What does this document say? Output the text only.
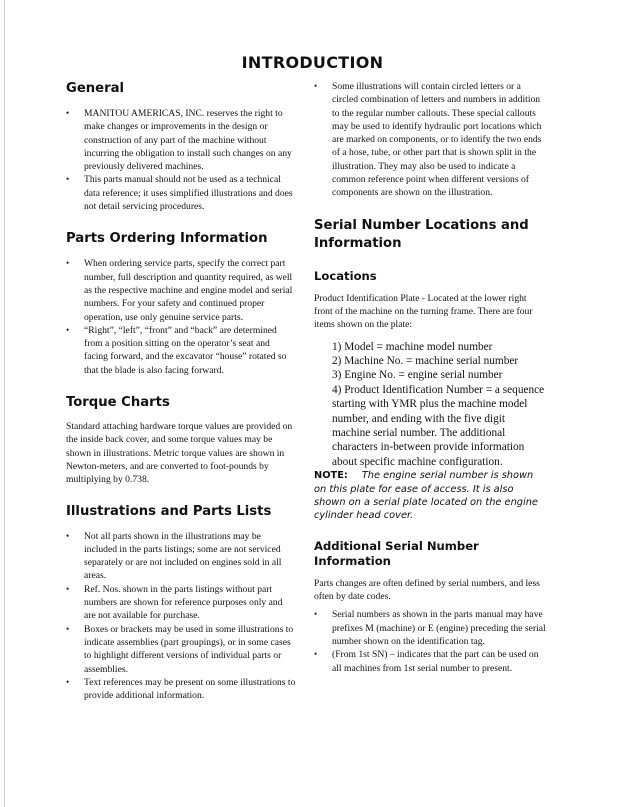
INTRODUCTION
General
• MANITOU AMERICAS, INC. reserves the right to make changes or improvements in the design or construction of any part of the machine without incurring the obligation to install such changes on any previously delivered machines.
• This parts manual should not be used as a technical data reference; it uses simplified illustrations and does not detail servicing procedures.
Parts Ordering Information
• When ordering service parts, specify the correct part number, full description and quantity required, as well as the respective machine and engine model and serial numbers. For your safety and continued proper operation, use only genuine service parts.
• “Right”, “left”, “front” and “back” are determined from a position sitting on the operator’s seat and facing forward, and the excavator “house” rotated so that the blade is also facing forward.
Torque Charts

Standard attaching hardware torque values are provided on the inside back cover, and some torque values may be shown in illustrations. Metric torque values are shown in Newton-meters, and are converted to foot-pounds by multiplying by 0.738.

Illustrations and Parts Lists
• Not all parts shown in the illustrations may be included in the parts listings; some are not serviced separately or are not included on engines sold in all areas.
• Ref. Nos. shown in the parts listings without part numbers are shown for reference purposes only and are not available for purchase.
• Boxes or brackets may be used in some illustrations to indicate assemblies (part groupings), or in some cases to highlight different versions of individual parts or assemblies.
• Text references may be present on some illustrations to provide additional information.
• Some illustrations will contain circled letters or a circled combination of letters and numbers in addition to the regular number callouts. These special callouts may be used to identify hydraulic port locations which are marked on components, or to identify the two ends of a hose, tube, or other part that is shown split in the illustration. They may also be used to indicate a common reference point when different versions of components are shown on the illustration.
Serial Number Locations and Information
Locations

Product Identification Plate - Located at the lower right front of the machine on the turning frame. There are four items shown on the plate:

1) Model = machine model number
2) Machine No. = machine serial number
3) Engine No. = engine serial number
4) Product Identification Number = a sequence starting with YMR plus the machine model number, and ending with the five digit machine serial number. The additional characters in-between provide information about specific machine configuration.

NOTE: The engine serial number is shown on this plate for ease of access. It is also shown on a serial plate located on the engine cylinder head cover.

Additional Serial Number Information

Parts changes are often defined by serial numbers, and less often by date codes.

• Serial numbers as shown in the parts manual may have prefixes M (machine) or E (engine) preceding the serial number shown on the identification tag.
• (From 1st SN) – indicates that the part can be used on all machines from 1st serial number to present.
